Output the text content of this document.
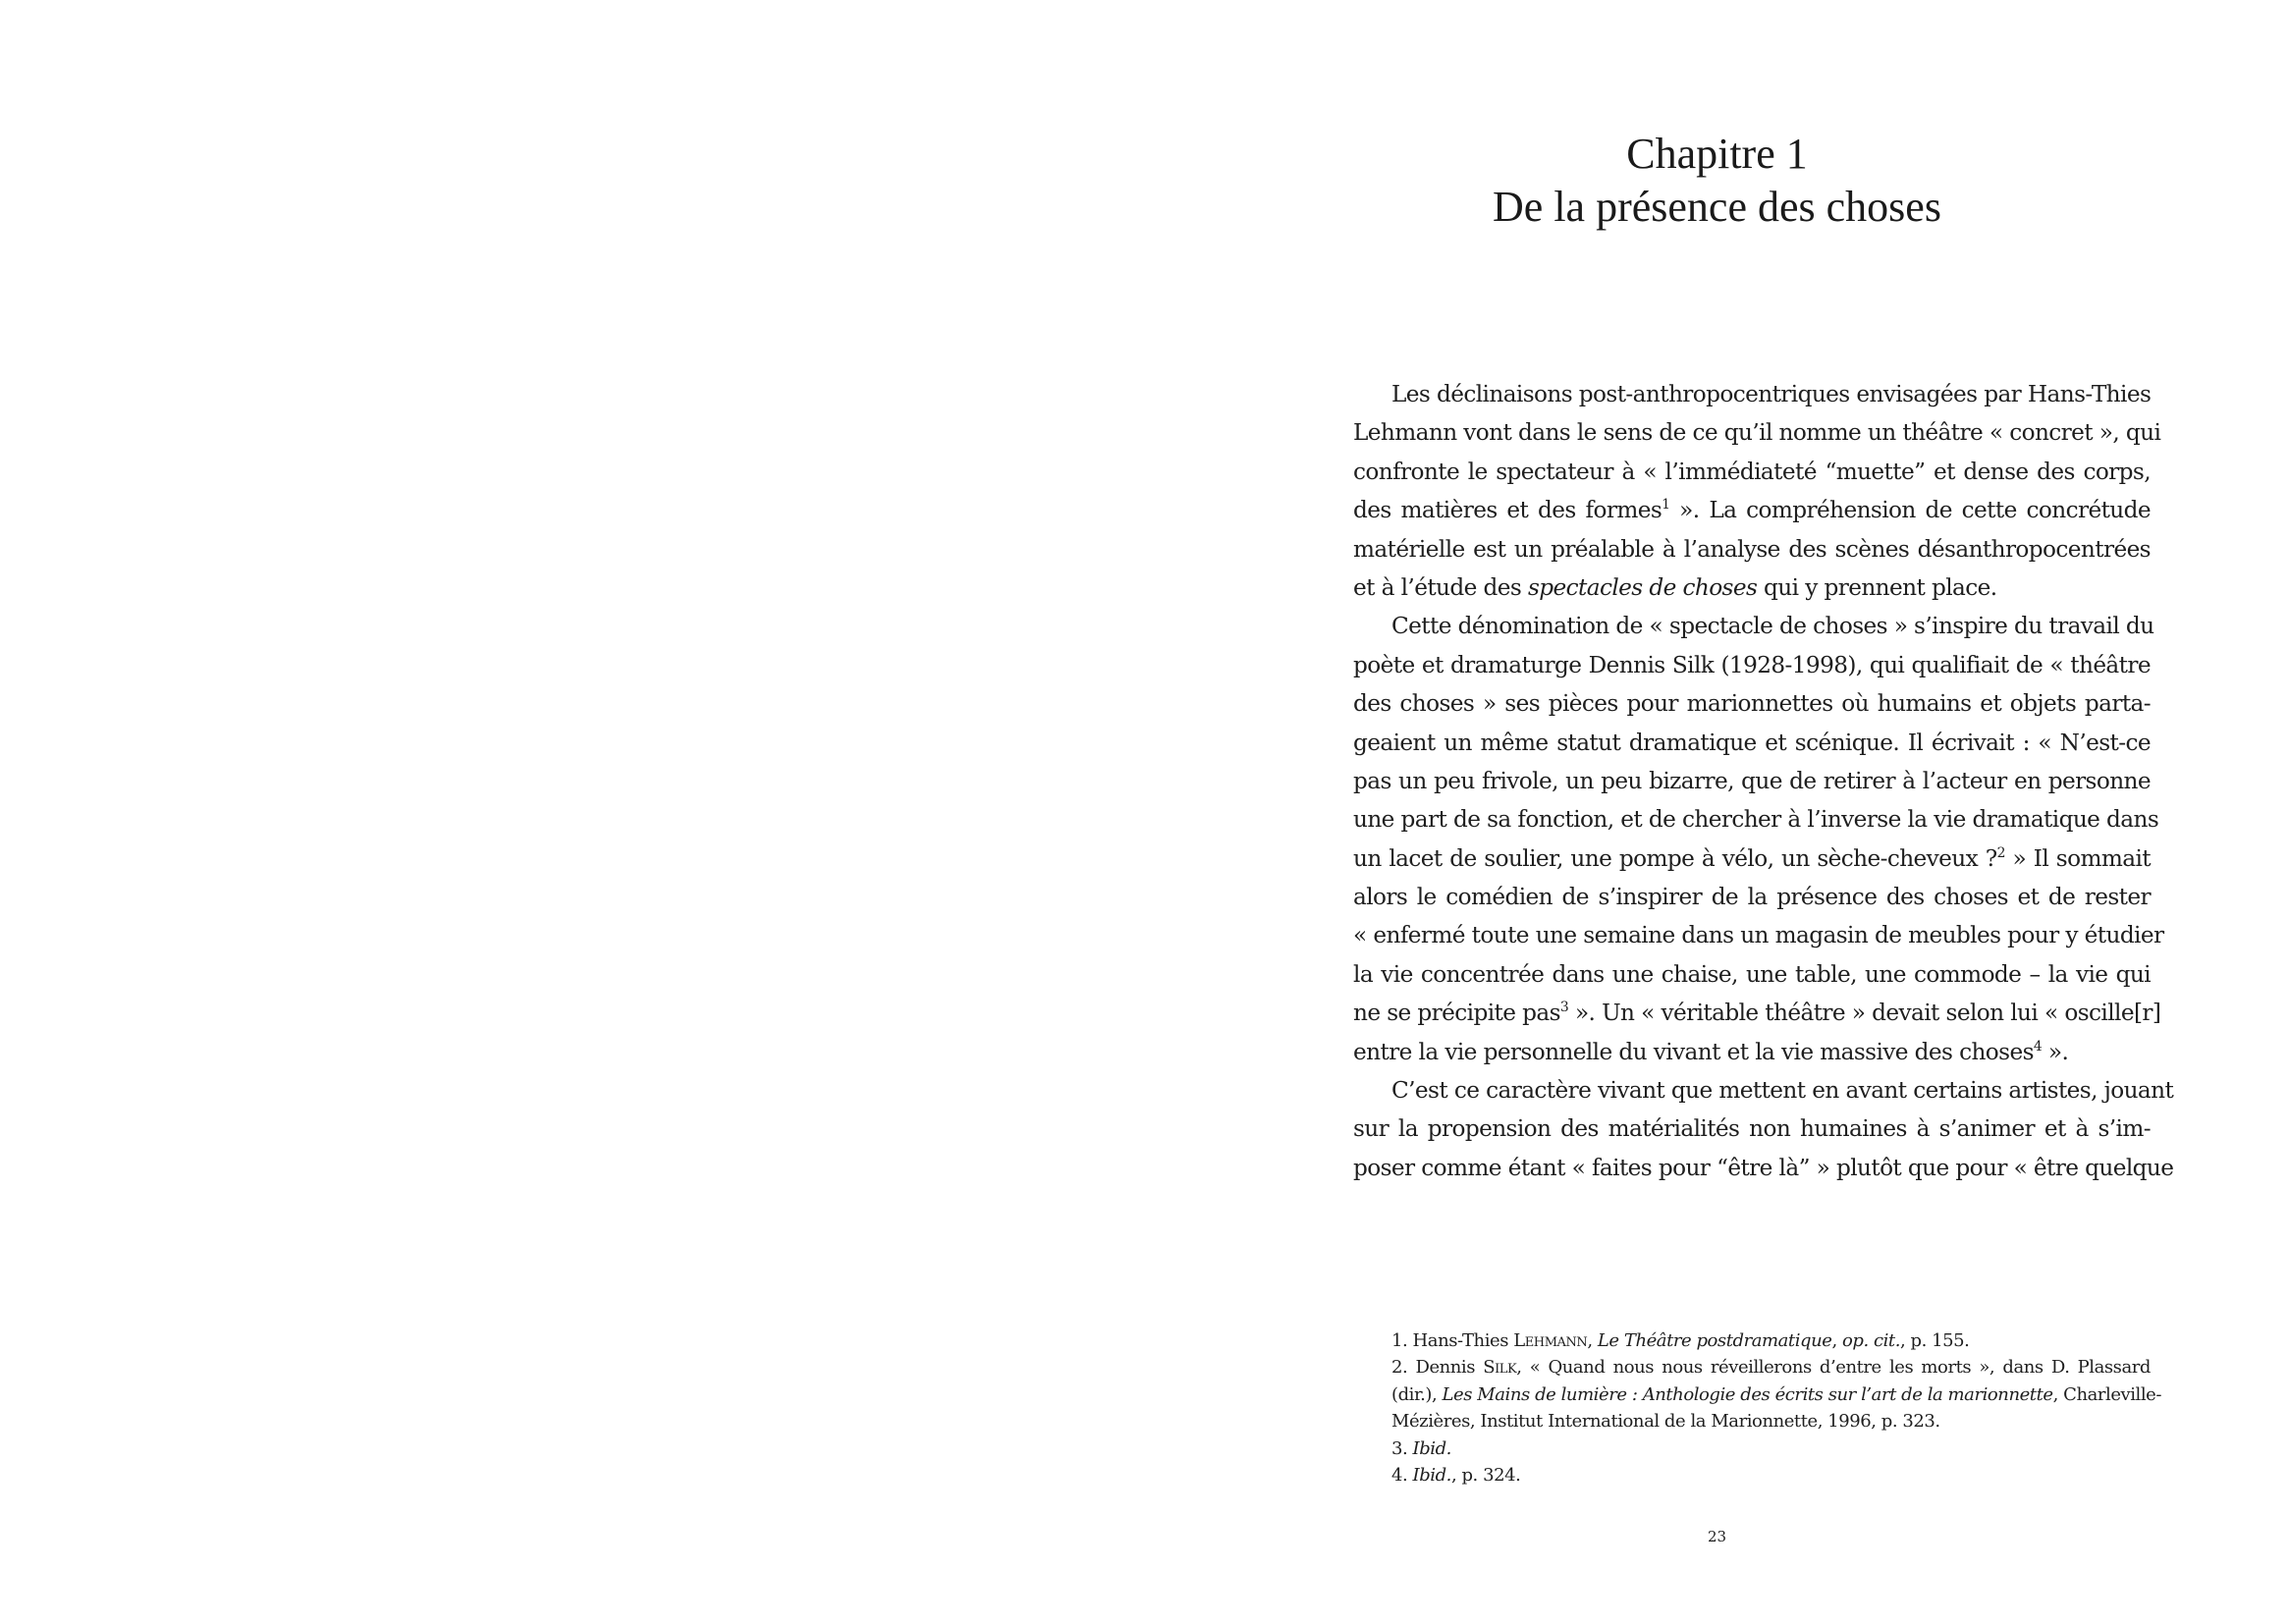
Chapitre 1
De la présence des choses
Les déclinaisons post-anthropocentriques envisagées par Hans-Thies
Lehmann vont dans le sens de ce qu’il nomme un théâtre « concret », qui
confronte le spectateur à « l’immédiateté “muette” et dense des corps,
des matières et des formes$^1$ ». La compréhension de cette concrétude
matérielle est un préalable à l’analyse des scènes désanthropocentrées
et à l’étude des spectacles de choses qui y prennent place.
Cette dénomination de « spectacle de choses » s’inspire du travail du
poète et dramaturge Dennis Silk (1928-1998), qui qualifiait de « théâtre
des choses » ses pièces pour marionnettes où humains et objets parta-
geaient un même statut dramatique et scénique. Il écrivait : « N’est-ce
pas un peu frivole, un peu bizarre, que de retirer à l’acteur en personne
une part de sa fonction, et de chercher à l’inverse la vie dramatique dans
un lacet de soulier, une pompe à vélo, un sèche-cheveux ?$^2$ » Il sommait
alors le comédien de s’inspirer de la présence des choses et de rester
« enfermé toute une semaine dans un magasin de meubles pour y étudier
la vie concentrée dans une chaise, une table, une commode – la vie qui
ne se précipite pas$^3$ ». Un « véritable théâtre » devait selon lui « oscille[r]
entre la vie personnelle du vivant et la vie massive des choses$^4$ ».
C’est ce caractère vivant que mettent en avant certains artistes, jouant
sur la propension des matérialités non humaines à s’animer et à s’im-
poser comme étant « faites pour “être là” » plutôt que pour « être quelque
1. Hans-Thies Lehmann, Le Théâtre postdramatique, op. cit., p. 155.
2. Dennis Silk, « Quand nous nous réveillerons d’entre les morts », dans D. Plassard
(dir.), Les Mains de lumière : Anthologie des écrits sur l’art de la marionnette, Charleville-
Mézières, Institut International de la Marionnette, 1996, p. 323.
3. Ibid.
4. Ibid., p. 324.
23
